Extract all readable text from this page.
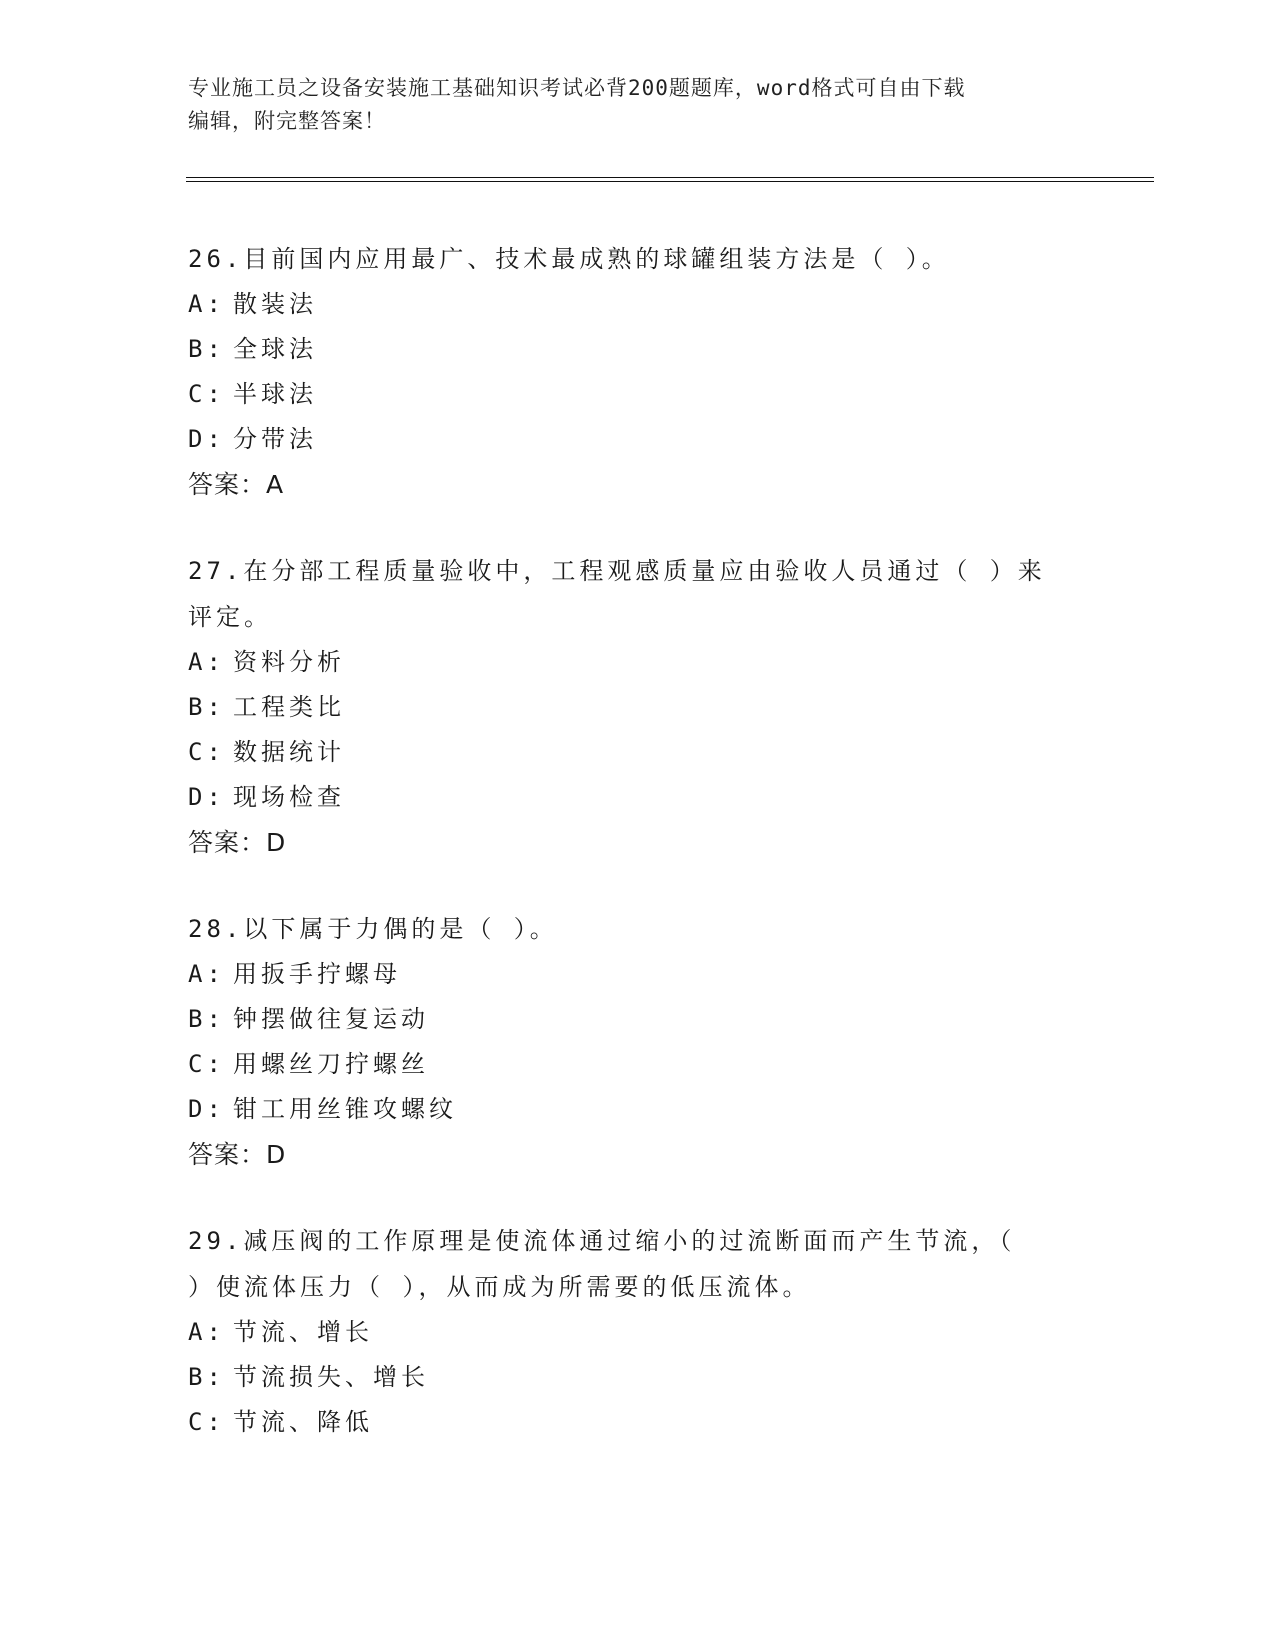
专业施工员之设备安装施工基础知识考试必背200题题库，word格式可自由下载
编辑，附完整答案！
26.目前国内应用最广、技术最成熟的球罐组装方法是（ ）。
A: 散装法
B: 全球法
C: 半球法
D: 分带法
答案：A
27.在分部工程质量验收中，工程观感质量应由验收人员通过（ ）来
评定。
A: 资料分析
B: 工程类比
C: 数据统计
D: 现场检查
答案：D
28.以下属于力偶的是（ ）。
A: 用扳手拧螺母
B: 钟摆做往复运动
C: 用螺丝刀拧螺丝
D: 钳工用丝锥攻螺纹
答案：D
29.减压阀的工作原理是使流体通过缩小的过流断面而产生节流，（
）使流体压力（ ），从而成为所需要的低压流体。
A: 节流、增长
B: 节流损失、增长
C: 节流、降低
